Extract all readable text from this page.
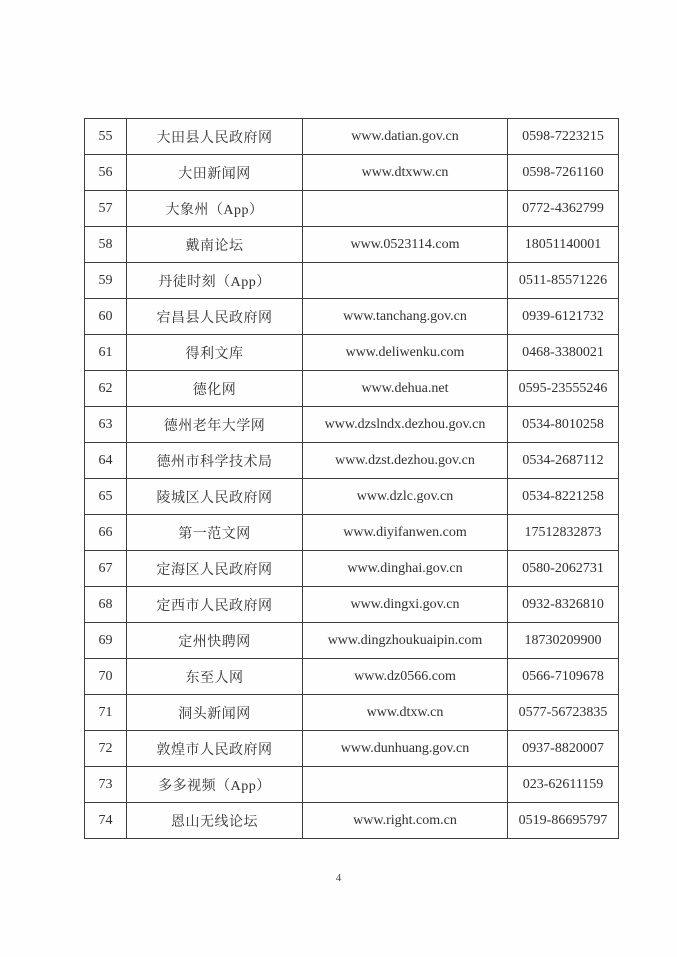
55	大田县人民政府网	www.datian.gov.cn	0598-7223215
56	大田新闻网	www.dtxww.cn	0598-7261160
57	大象州（App）		0772-4362799
58	戴南论坛	www.0523114.com	18051140001
59	丹徒时刻（App）		0511-85571226
60	宕昌县人民政府网	www.tanchang.gov.cn	0939-6121732
61	得利文库	www.deliwenku.com	0468-3380021
62	德化网	www.dehua.net	0595-23555246
63	德州老年大学网	www.dzslndx.dezhou.gov.cn	0534-8010258
64	德州市科学技术局	www.dzst.dezhou.gov.cn	0534-2687112
65	陵城区人民政府网	www.dzlc.gov.cn	0534-8221258
66	第一范文网	www.diyifanwen.com	17512832873
67	定海区人民政府网	www.dinghai.gov.cn	0580-2062731
68	定西市人民政府网	www.dingxi.gov.cn	0932-8326810
69	定州快聘网	www.dingzhoukuaipin.com	18730209900
70	东至人网	www.dz0566.com	0566-7109678
71	洞头新闻网	www.dtxw.cn	0577-56723835
72	敦煌市人民政府网	www.dunhuang.gov.cn	0937-8820007
73	多多视频（App）		023-62611159
74	恩山无线论坛	www.right.com.cn	0519-86695797
4
